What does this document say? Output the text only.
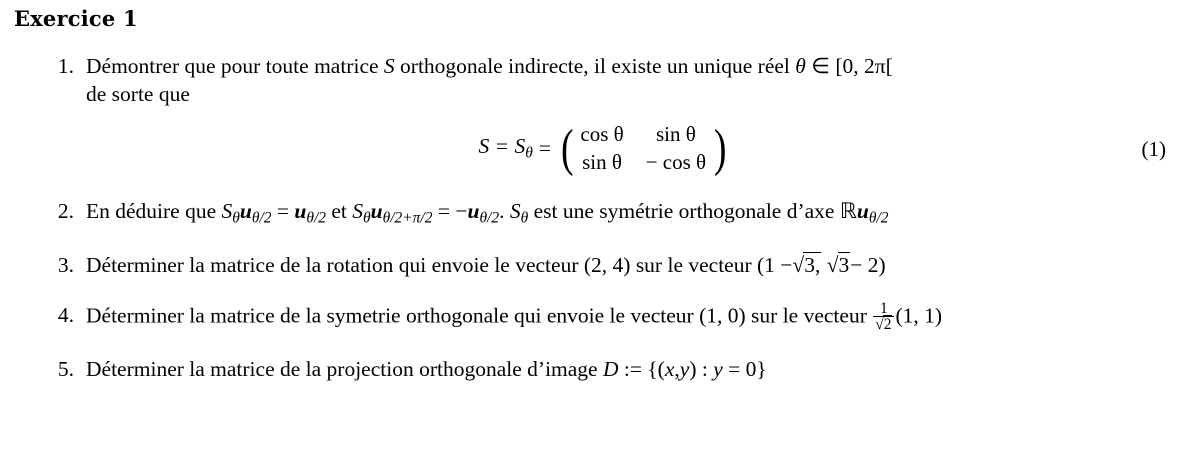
Exercice 1
1. Démontrer que pour toute matrice S orthogonale indirecte, il existe un unique réel θ ∈ [0, 2π[
de sorte que
$S = S_\theta$ = ( cos θ	sin θ
sin θ − cos θ )	(1)
2. En déduire que $S_\theta u_{\theta/2} = u_{\theta/2}$ et $S_\theta u_{\theta/2+\pi/2} = -u_{\theta/2}$. $S_\theta$ est une symétrie orthogonale d’axe ℝu$_{\theta/2}$
3. Déterminer la matrice de la rotation qui envoie le vecteur (2, 4) sur le vecteur (1 −√3, √3− 2)
4. Déterminer la matrice de la symetrie orthogonale qui envoie le vecteur (1, 0) sur le vecteur $\frac{1}{√2} (1$, 1)
5. Déterminer la matrice de la projection orthogonale d’image D := {(x,y) : y = 0}
